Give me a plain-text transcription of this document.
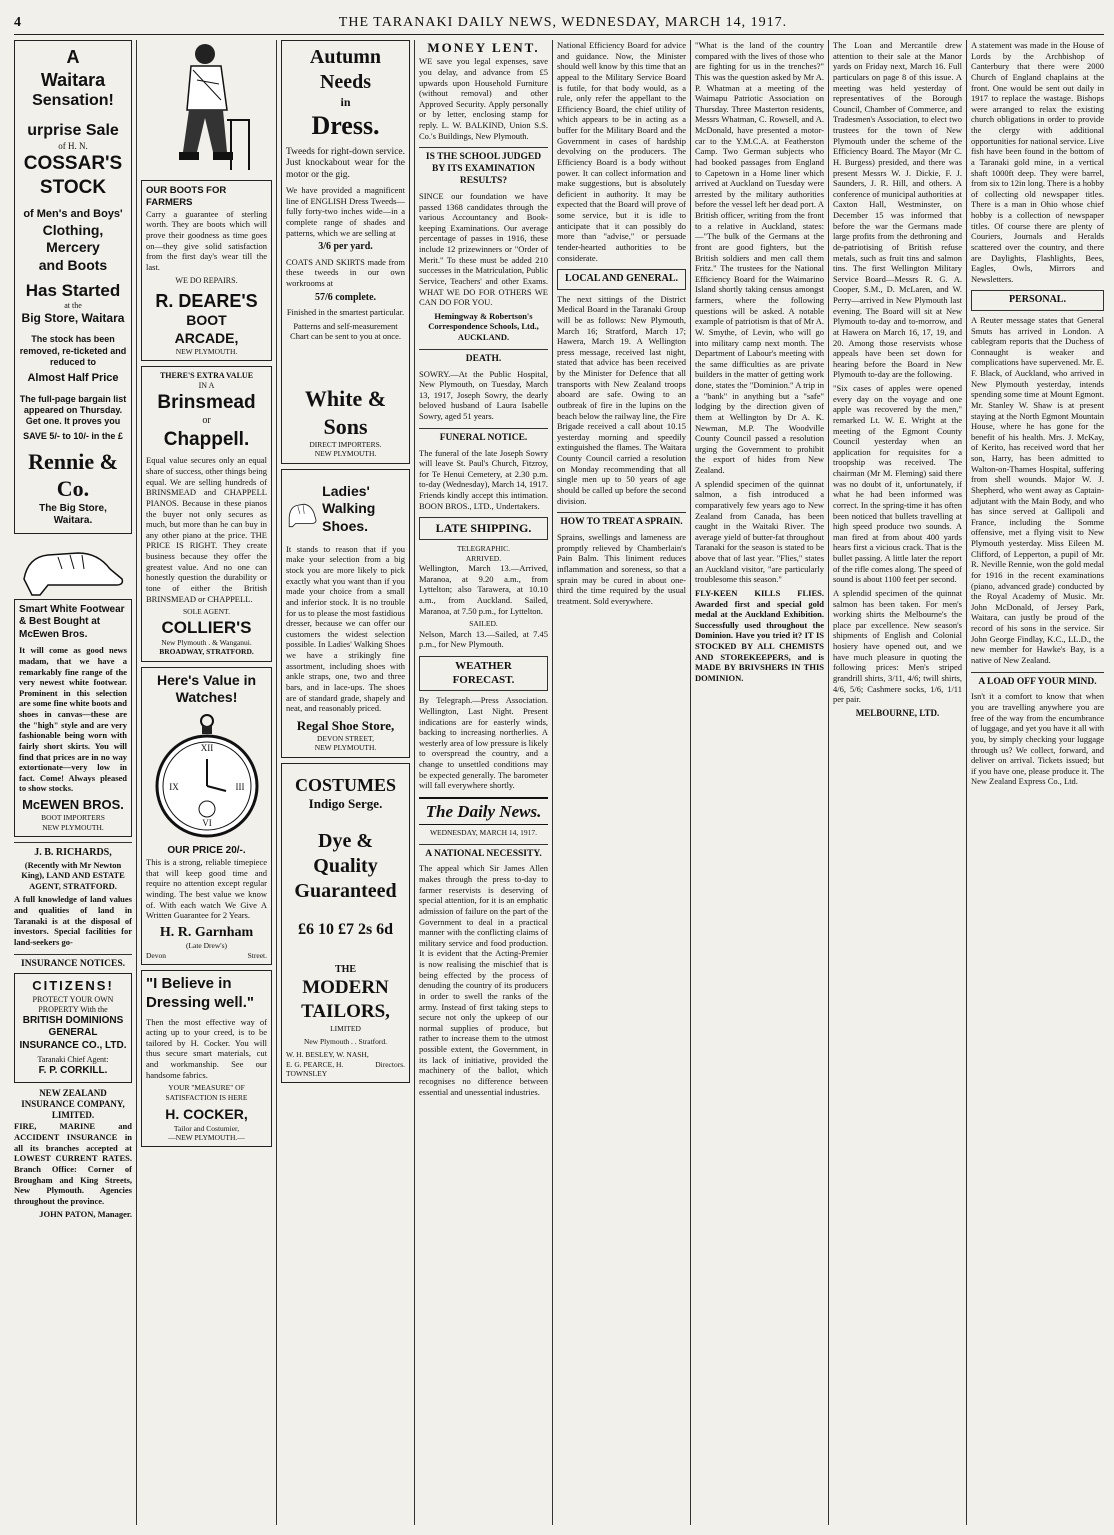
4	THE TARANAKI DAILY NEWS, WEDNESDAY, MARCH 14, 1917.
A
Waitara
Sensation!
urprise Sale
of H. N.
COSSAR'S
STOCK
of Men's and Boys'
Clothing, Mercery
and Boots
Has Started
at the
Big Store, Waitara
The stock has been removed, re-ticketed and reduced to
Almost Half Price
The full-page bargain list appeared on Thursday. Get one. It proves you
SAVE 5/- to 10/- in the £
Rennie & Co.
The Big Store,
Waitara.
Smart White Footwear & Best Bought at McEwen Bros.

It will come as good news madam, that we have a remarkably fine range of the very newest white footwear. Prominent in this selection are some fine white boots and shoes in canvas—these are the "high" style and are very fashionable being worn with fairly short skirts. You will find that prices are in no way extortionate—very low in fact. Come! Always pleased to show stocks.

McEWEN BROS.
BOOT IMPORTERS
NEW PLYMOUTH.
J. B. RICHARDS,

(Recently with Mr Newton King), LAND AND ESTATE AGENT, STRATFORD.

A full knowledge of land values and qualities of land in Taranaki is at the disposal of investors. Special facilities for land-seekers go-

INSURANCE NOTICES.
CITIZENS!
PROTECT YOUR OWN PROPERTY With the
BRITISH DOMINIONS GENERAL INSURANCE CO., LTD.
Taranaki Chief Agent:
F. P. CORKILL.
NEW ZEALAND INSURANCE COMPANY, LIMITED.

FIRE, MARINE and ACCIDENT INSURANCE in all its branches accepted at LOWEST CURRENT RATES. Branch Office: Corner of Brougham and King Streets, New Plymouth. Agencies throughout the province.

JOHN PATON, Manager.
OUR BOOTS FOR FARMERS

Carry a guarantee of sterling worth. They are boots which will prove their goodness as time goes on—they give solid satisfaction from the first day's wear till the last.

WE DO REPAIRS.
R. DEARE'S
BOOT
ARCADE,
NEW PLYMOUTH.
THERE'S EXTRA VALUE
IN A
Brinsmead
or
Chappell.

Equal value secures only an equal share of success, other things being equal. We are selling hundreds of BRINSMEAD and CHAPPELL PIANOS. Because in these pianos the buyer not only secures as much, but more than he can buy in any other piano at the price. THE PRICE IS RIGHT. They create business because they offer the greatest value. And no one can honestly question the durability or tone of either the British BRINSMEAD or CHAPPELL.

SOLE AGENT.
COLLIER'S
New Plymouth . & Wanganui.
BROADWAY, STRATFORD.
Here's Value in Watches!
XII
III
VI
IX
OUR PRICE 20/-.

This is a strong, reliable timepiece that will keep good time and require no attention except regular winding. The best value we know of. With each watch We Give A Written Guarantee for 2 Years.

H. R. Garnham
(Late Drew's)
Devon	Street.
"I Believe in Dressing well."

Then the most effective way of acting up to your creed, is to be tailored by H. Cocker. You will thus secure smart materials, cut and workmanship. See our handsome fabrics.

YOUR "MEASURE" OF SATISFACTION IS HERE
H. COCKER,
Tailor and Costumier,
—NEW PLYMOUTH.—
Autumn Needs
in
Dress.

Tweeds for right-down service. Just knockabout wear for the motor or the gig.

We have provided a magnificent line of ENGLISH Dress Tweeds—fully forty-two inches wide—in a complete range of shades and patterns, which we are selling at

3/6 per yard.

COATS AND SKIRTS made from these tweeds in our own workrooms at

57/6 complete.

Finished in the smartest particular.

Patterns and self-measurement Chart can be sent to you at once.

White & Sons
DIRECT IMPORTERS.
NEW PLYMOUTH.
Ladies' Walking Shoes.

It stands to reason that if you make your selection from a big stock you are more likely to pick exactly what you want than if you made your choice from a small and inferior stock. It is no trouble for us to please the most fastidious dresser, because we can offer our customers the widest selection possible. In Ladies' Walking Shoes we have a strikingly fine assortment, including shoes with ankle straps, one, two and three bars, and in lace-ups. The shoes are of standard grade, shapely and neat, and reasonably priced.

Regal Shoe Store,
DEVON STREET,
NEW PLYMOUTH.
COSTUMES
Indigo Serge.
Dye & Quality Guaranteed
£6 10 £7 2s 6d
THE
MODERN TAILORS,
LIMITED
New Plymouth . . Stratford.
W. H. BESLEY, W. NASH, E. G. PEARCE, H. TOWNSLEY
Directors.
MONEY LENT.

WE save you legal expenses, save you delay, and advance from £5 upwards upon Household Furniture (without removal) and other Approved Security. Apply personally or by letter, enclosing stamp for reply. L. W. BALKIND, Union S.S. Co.'s Buildings, New Plymouth.

IS THE SCHOOL JUDGED BY ITS EXAMINATION RESULTS?

SINCE our foundation we have passed 1368 candidates through the various Accountancy and Book-keeping Examinations. Our average percentage of passes in 1916, these include 12 prizewinners or "Order of Merit." To these must be added 210 successes in the Matriculation, Public Service, Teachers' and other Exams. WHAT WE DO FOR OTHERS WE CAN DO FOR YOU.

Hemingway & Robertson's Correspondence Schools, Ltd., AUCKLAND.

DEATH.

SOWRY.—At the Public Hospital, New Plymouth, on Tuesday, March 13, 1917, Joseph Sowry, the dearly beloved husband of Laura Isabelle Sowry, aged 51 years.

FUNERAL NOTICE.

The funeral of the late Joseph Sowry will leave St. Paul's Church, Fitzroy, for Te Henui Cemetery, at 2.30 p.m. to-day (Wednesday), March 14, 1917. Friends kindly accept this intimation. BOON BROS., LTD., Undertakers.

LATE SHIPPING.
TELEGRAPHIC.
ARRIVED.

Wellington, March 13.—Arrived, Maranoa, at 9.20 a.m., from Lyttelton; also Tarawera, at 10.10 a.m., from Auckland. Sailed, Maranoa, at 7.50 p.m., for Lyttelton.

SAILED.

Nelson, March 13.—Sailed, at 7.45 p.m., for New Plymouth.

WEATHER FORECAST.

By Telegraph.—Press Association. Wellington, Last Night. Present indications are for easterly winds, backing to increasing northerlies. A westerly area of low pressure is likely to overspread the country, and a change to unsettled conditions may be expected generally. The barometer will fall everywhere shortly.

The Daily News.
WEDNESDAY, MARCH 14, 1917.
A NATIONAL NECESSITY.

The appeal which Sir James Allen makes through the press to-day to farmer reservists is deserving of special attention, for it is an emphatic admission of failure on the part of the Government to deal in a practical manner with the conflicting claims of military service and food production. It is evident that the Acting-Premier is now realising the mischief that is being effected by the process of denuding the country of its producers in order to swell the ranks of the army. Instead of first taking steps to secure not only the upkeep of our normal supplies of produce, but rather to increase them to the utmost possible extent, the Government, in its lack of initiative, provided the machinery of the ballot, which recognises no difference between essential and unessential industries.

National Efficiency Board for advice and guidance. Now, the Minister should well know by this time that an appeal to the Military Service Board is futile, for that body would, as a rule, only refer the appellant to the Efficiency Board, the chief utility of which appears to be in acting as a buffer for the Military Board and the Government in cases of hardship devolving on the producers. The Efficiency Board is a body without power. It can collect information and make suggestions, but is absolutely deficient in authority. It may be expected that the Board will prove of some service, but it is idle to anticipate that it can possibly do more than "advise," or persuade tender-hearted authorities to be considerate.

LOCAL AND GENERAL.

The next sittings of the District Medical Board in the Taranaki Group will be as follows: New Plymouth, March 16; Stratford, March 17; Hawera, March 19. A Wellington press message, received last night, stated that advice has been received by the Minister for Defence that all transports with New Zealand troops aboard are safe. Owing to an outbreak of fire in the lupins on the beach below the railway line, the Fire Brigade received a call about 10.15 yesterday morning and speedily extinguished the flames. The Waitara County Council carried a resolution on Monday recommending that all single men up to 50 years of age should be called up before the second division.

HOW TO TREAT A SPRAIN.

Sprains, swellings and lameness are promptly relieved by Chamberlain's Pain Balm. This liniment reduces inflammation and soreness, so that a sprain may be cured in about one-third the time required by the usual treatment. Sold everywhere.

"What is the land of the country compared with the lives of those who are fighting for us in the trenches?" This was the question asked by Mr A. P. Whatman at a meeting of the Waimapu Patriotic Association on Thursday. Three Masterton residents, Messrs Whatman, C. Rowsell, and A. McDonald, have presented a motor-car to the Y.M.C.A. at Featherston Camp. Two German subjects who had booked passages from England to Capetown in a Home liner which arrived at Auckland on Tuesday were arrested by the military authorities before the vessel left her dead port. A British officer, writing from the front to a relative in Auckland, states:—"The bulk of the Germans at the front are good fighters, but the British soldiers and men call them Fritz." The trustees for the National Efficiency Board for the Waimarino Island shortly taking census amongst farmers, where the following questions will be asked. A notable example of patriotism is that of Mr A. W. Smythe, of Levin, who will go into military camp next month. The Department of Labour's meeting with the same difficulties as are private builders in the matter of getting work done, states the "Dominion." A trip in a "bank" in anything but a "safe" lodging by the direction given of them at Wellington by Dr A. K. Newman, M.P. The Woodville County Council passed a resolution urging the Government to prohibit the export of hides from New Zealand.

A splendid specimen of the quinnat salmon, a fish introduced a comparatively few years ago to New Zealand from Canada, has been caught in the Waitaki River. The average yield of butter-fat throughout Taranaki for the season is stated to be above that of last year. "Flies," states an Auckland visitor, "are particularly troublesome this season."

FLY-KEEN KILLS FLIES. Awarded first and special gold medal at the Auckland Exhibition. Successfully used throughout the Dominion. Have you tried it? IT IS STOCKED BY ALL CHEMISTS AND STOREKEEPERS, and is MADE BY BRIVSHERS IN THIS DOMINION.

The Loan and Mercantile drew attention to their sale at the Manor yards on Friday next, March 16. Full particulars on page 8 of this issue. A meeting was held yesterday of representatives of the Borough Council, Chamber of Commerce, and Tradesmen's Association, to elect two trustees for the town of New Plymouth under the scheme of the Efficiency Board. The Mayor (Mr C. H. Burgess) presided, and there was present Messrs W. J. Dickie, F. J. Saunders, J. R. Hill, and others. A conference of municipal authorities at Caxton Hall, Westminster, on December 15 was informed that before the war the Germans made large profits from the dethroning and de-patriotising of British refuse metals, such as fruit tins and salmon tins. The first Wellington Military Service Board—Messrs R. G. A. Cooper, S.M., D. McLaren, and W. Perry—arrived in New Plymouth last evening. The Board will sit at New Plymouth to-day and to-morrow, and at Hawera on March 16, 17, 19, and 20. Among those reservists whose appeals have been set down for hearing before the Board in New Plymouth to-day are the following.

"Six cases of apples were opened every day on the voyage and one apple was recovered by the men," remarked Lt. W. E. Wright at the meeting of the Egmont County Council yesterday when an application for requisites for a troopship was received. The chairman (Mr M. Fleming) said there was no doubt of it, unfortunately, if what he had been informed was correct. In the spring-time it has often been noticed that bullets travelling at high speed produce two sounds. A man fired at from about 400 yards hears first a vicious crack. That is the bullet passing. A little later the report of the rifle comes along. The speed of sound is about 1100 feet per second.

A splendid specimen of the quinnat salmon has been taken. For men's working shirts the Melbourne's the place par excellence. New season's shipments of English and Colonial hosiery have opened out, and we have much pleasure in quoting the following prices: Men's striped grandrill shirts, 3/11, 4/6; twill shirts, 4/6, 5/6; Cashmere socks, 1/6, 1/11 per pair.

MELBOURNE, LTD.

A statement was made in the House of Lords by the Archbishop of Canterbury that there were 2000 Church of England chaplains at the front. One would be sent out daily in 1917 to replace the wastage. Bishops were arranged to relax the existing church obligations in order to provide the clergy with additional opportunities for national service. Live fish have been found in the bottom of a Taranaki gold mine, in a vertical shaft 1000ft deep. They were barrel, from six to 12in long. There is a hobby of collecting old newspaper titles. There is a man in Ohio whose chief hobby is a collection of newspaper titles. Of course there are plenty of Couriers, Journals and Heralds scattered over the country, and there are Daylights, Flashlights, Bees, Eagles, Owls, Mirrors and Newsletters.

PERSONAL.

A Reuter message states that General Smuts has arrived in London. A cablegram reports that the Duchess of Connaught is weaker and complications have supervened. Mr. E. F. Black, of Auckland, who arrived in New Plymouth yesterday, intends spending some time at Mount Egmont. Mr. Stanley W. Shaw is at present staying at the North Egmont Mountain House, where he has gone for the benefit of his health. Mrs. J. McKay, of Kerito, has received word that her son, Harry, has been admitted to Walton-on-Thames Hospital, suffering from shell wounds. Major W. J. Shepherd, who went away as Captain-adjutant with the Main Body, and who has since served at Gallipoli and France, including the Somme offensive, met a flying visit to New Plymouth yesterday. Miss Eileen M. Clifford, of Lepperton, a pupil of Mr. R. Neville Rennie, won the gold medal for 1916 in the recent examinations (piano, advanced grade) conducted by the Royal Academy of Music. Mr. John McDonald, of Jersey Park, Waitara, can justly be proud of the record of his sons in the service. Sir John George Findlay, K.C., LL.D., the new member for Hawke's Bay, is a native of New Zealand.

A LOAD OFF YOUR MIND.

Isn't it a comfort to know that when you are travelling anywhere you are free of the way from the encumbrance of luggage, and yet you have it all with you, by simply checking your luggage through us? We collect, forward, and deliver on arrival. Tickets issued; but if you have one, please produce it. The New Zealand Express Co., Ltd.
